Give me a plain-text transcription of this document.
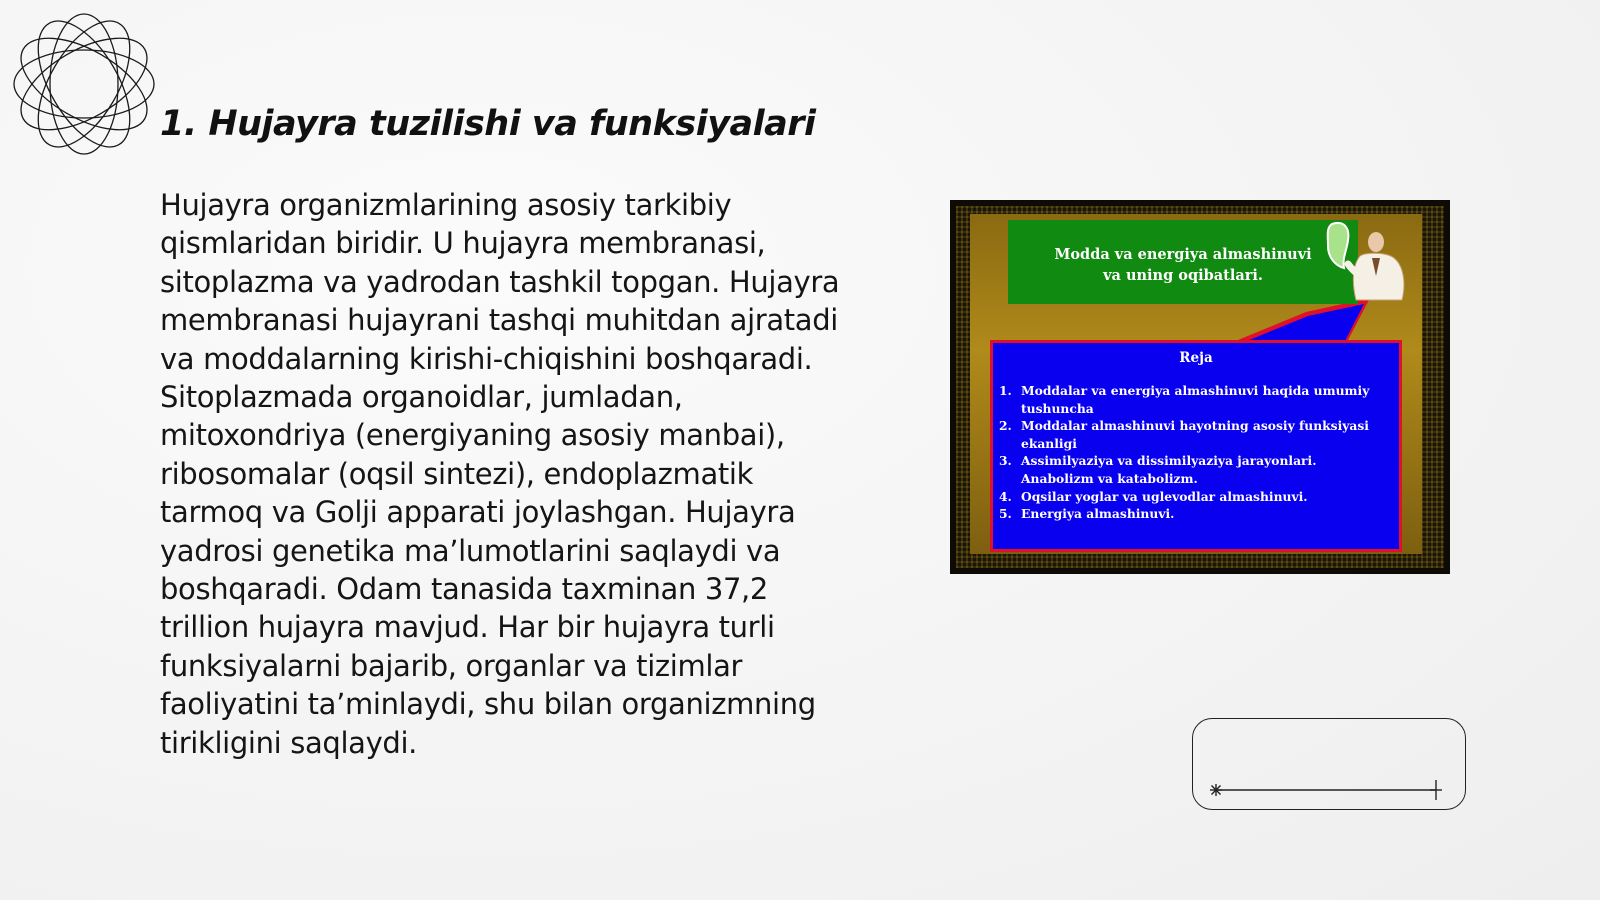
1. Hujayra tuzilishi va funksiyalari

Hujayra organizmlarining asosiy tarkibiy qismlaridan biridir. U hujayra membranasi, sitoplazma va yadrodan tashkil topgan. Hujayra membranasi hujayrani tashqi muhitdan ajratadi va moddalarning kirishi-chiqishini boshqaradi. Sitoplazmada organoidlar, jumladan, mitoxondriya (energiyaning asosiy manbai), ribosomalar (oqsil sintezi), endoplazmatik tarmoq va Golji apparati joylashgan. Hujayra yadrosi genetika ma’lumotlarini saqlaydi va boshqaradi. Odam tanasida taxminan 37,2 trillion hujayra mavjud. Har bir hujayra turli funksiyalarni bajarib, organlar va tizimlar faoliyatini ta’minlaydi, shu bilan organizmning tirikligini saqlaydi.

Modda va energiya almashinuvi
va uning oqibatlari.
Reja
1. Moddalar va energiya almashinuvi haqida umumiy tushuncha
2. Moddalar almashinuvi hayotning asosiy funksiyasi ekanligi
3. Assimilyaziya va dissimilyaziya jarayonlari. Anabolizm va katabolizm.
4. Oqsilar yoglar va uglevodlar almashinuvi.
5. Energiya almashinuvi.
